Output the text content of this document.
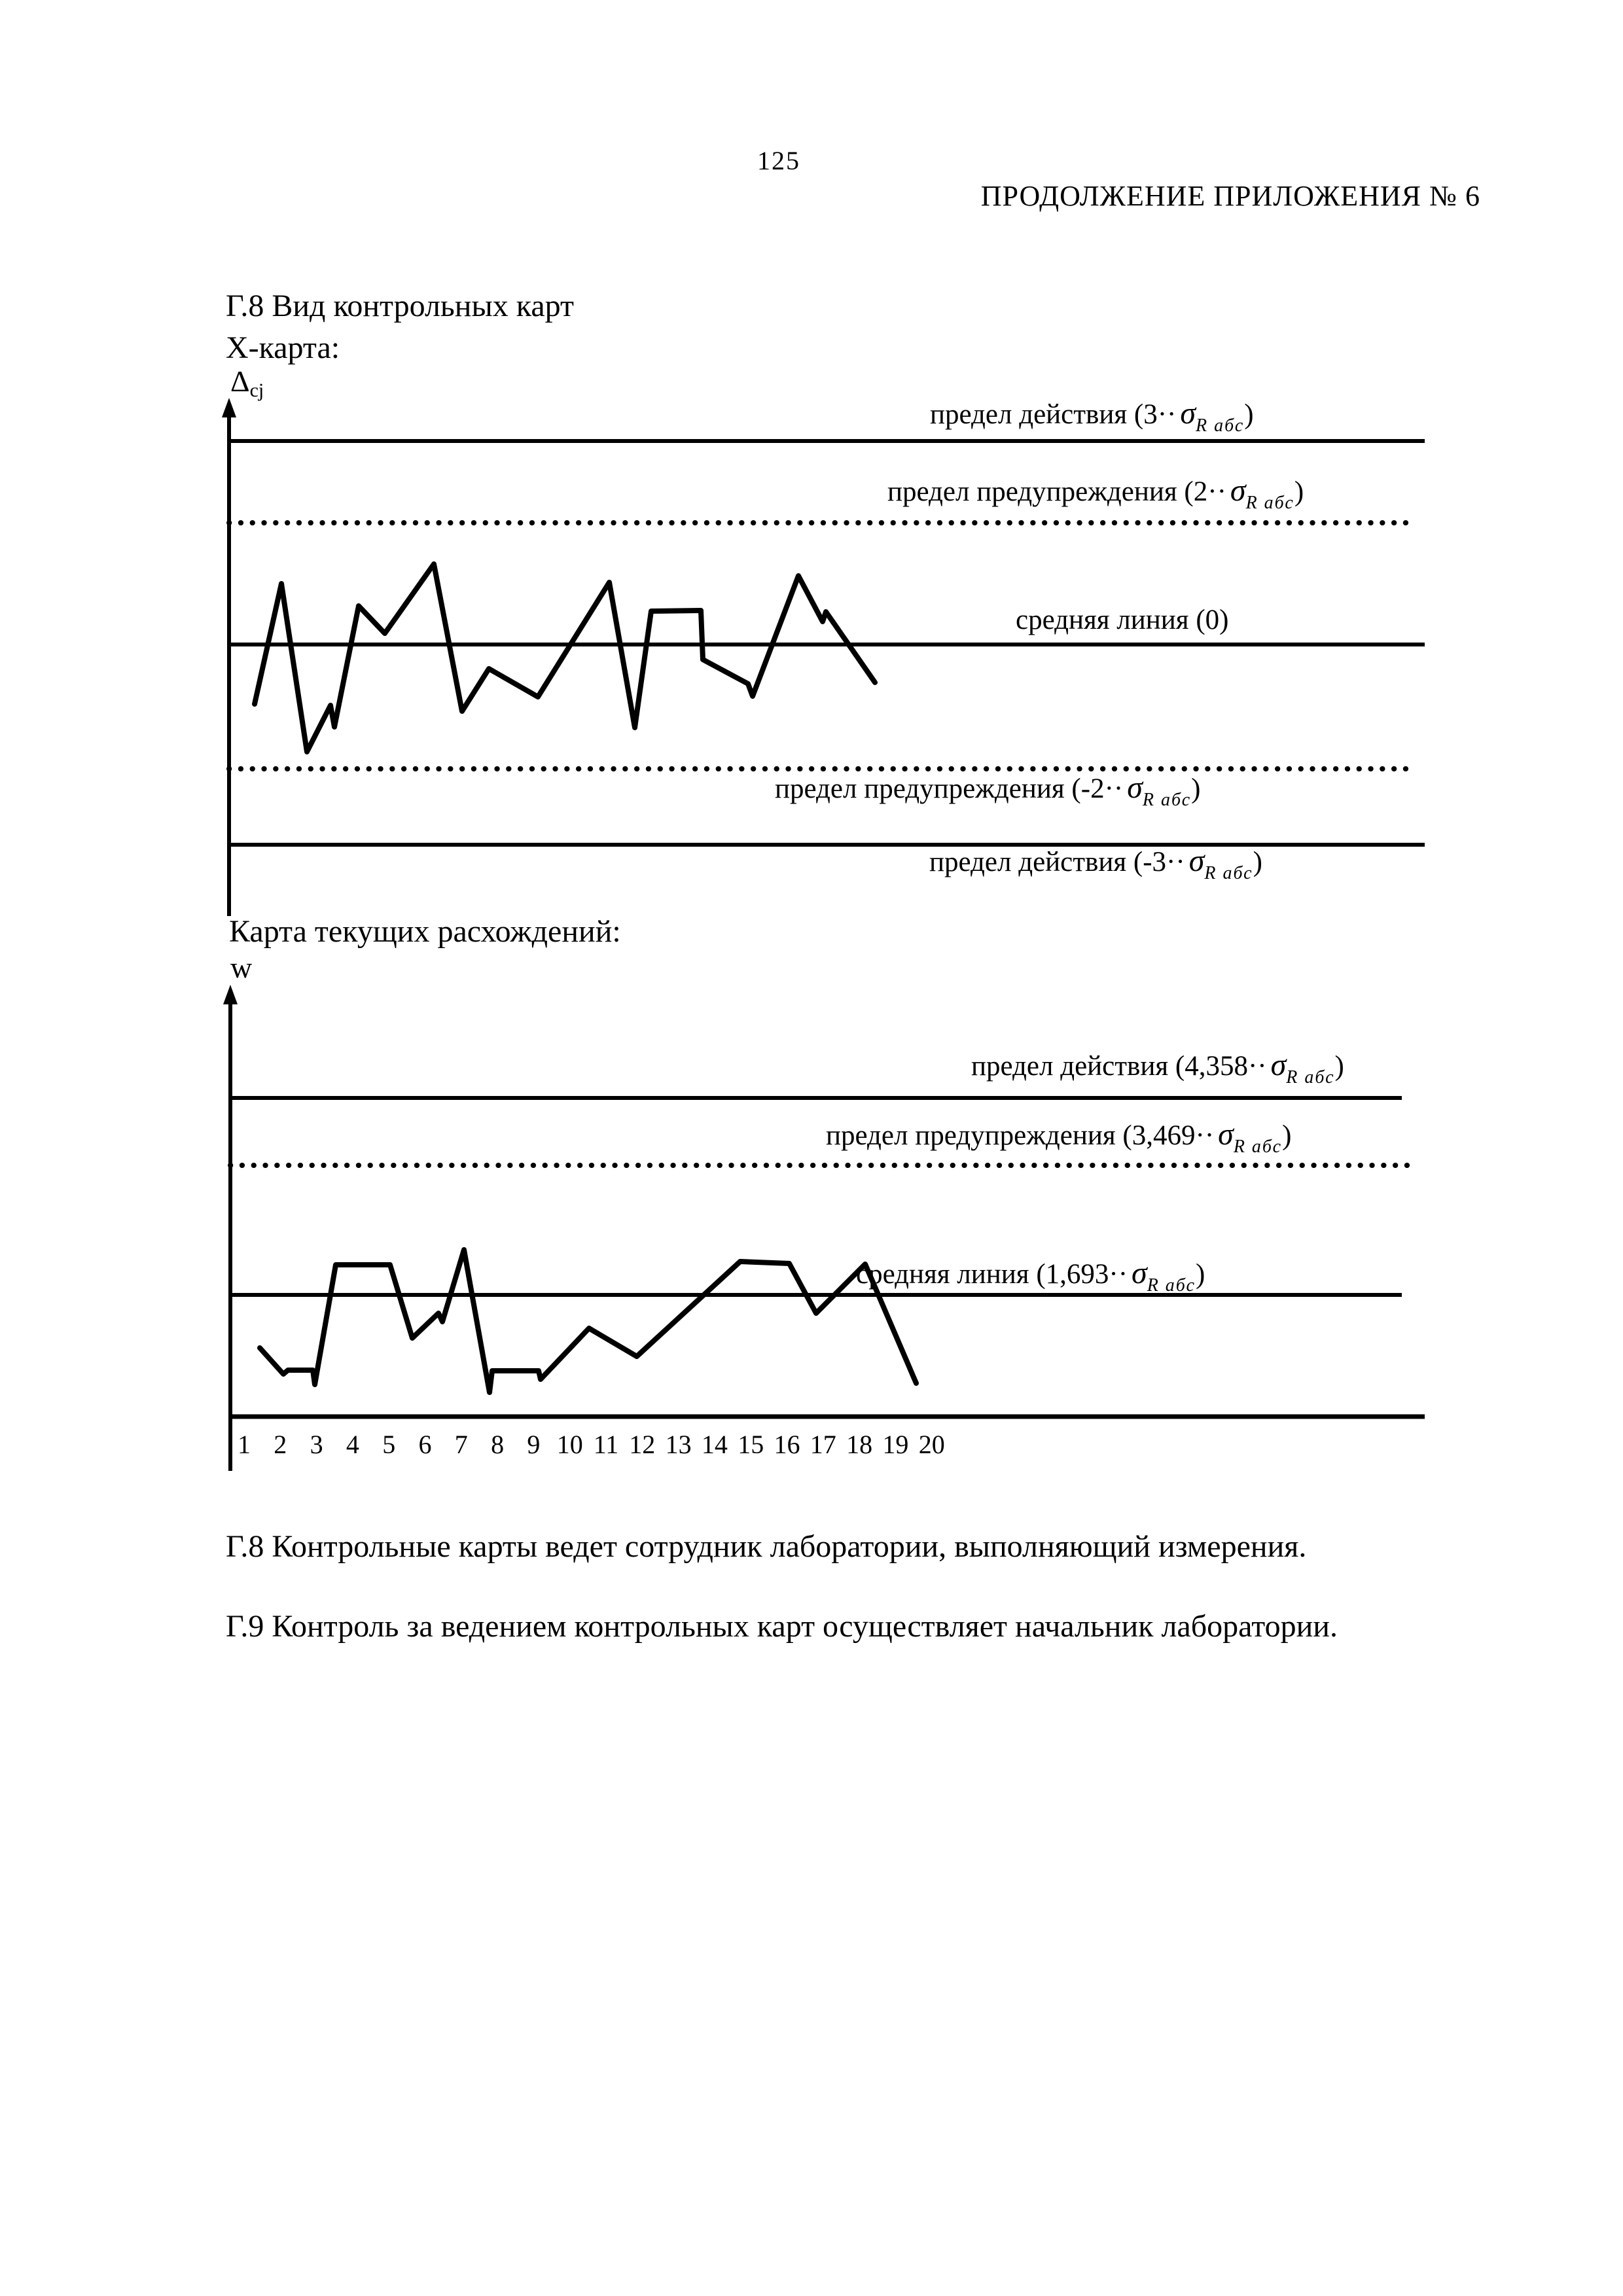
125
ПРОДОЛЖЕНИЕ ПРИЛОЖЕНИЯ № 6
Г.8 Вид контрольных карт
Х-карта:
Δcj
предел действия $(3\cdot\cdot \sigma_{R абс})$
предел предупреждения $(2\cdot\cdot \sigma_{R абс})$
средняя линия (0)
предел предупреждения $(-2\cdot\cdot \sigma_{R абс})$
предел действия $(-3\cdot\cdot \sigma_{R абс})$
Карта текущих расхождений:
w
предел действия $(4,358\cdot\cdot \sigma_{R абс})$
предел предупреждения $(3,469\cdot\cdot \sigma_{R абс})$
средняя линия $(1,693\cdot\cdot \sigma_{R абс})$
1 2 3 4 5 6 7 8 9 10 11 12 13 14 15 16 17 18 19 20
Г.8 Контрольные карты ведет сотрудник лаборатории, выполняющий измерения.
Г.9 Контроль за ведением контрольных карт осуществляет начальник лаборатории.
